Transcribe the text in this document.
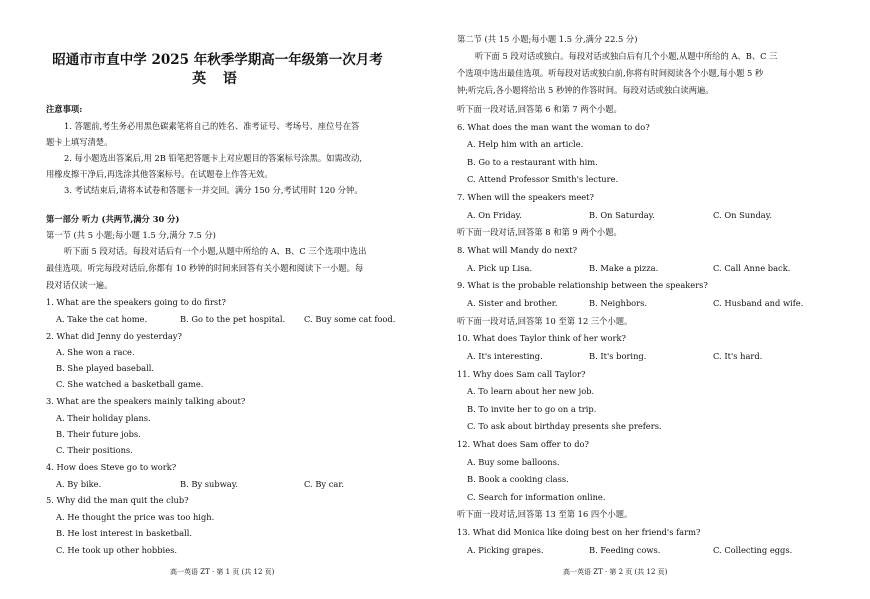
昭通市市直中学 2025 年秋季学期高一年级第一次月考
英 语
注意事项:
1. 答题前,考生务必用黑色碳素笔将自己的姓名、准考证号、考场号、座位号在答
题卡上填写清楚。
2. 每小题选出答案后,用 2B 铅笔把答题卡上对应题目的答案标号涂黑。如需改动,
用橡皮擦干净后,再选涂其他答案标号。在试题卷上作答无效。
3. 考试结束后,请将本试卷和答题卡一并交回。满分 150 分,考试用时 120 分钟。
第一部分 听力 (共两节,满分 30 分)
第一节 (共 5 小题;每小题 1.5 分,满分 7.5 分)
听下面 5 段对话。每段对话后有一个小题,从题中所给的 A、B、C 三个选项中选出
最佳选项。听完每段对话后,你都有 10 秒钟的时间来回答有关小题和阅读下一小题。每
段对话仅读一遍。
1. What are the speakers going to do first?
A. Take the cat home.	B. Go to the pet hospital. C. Buy some cat food.
2. What did Jenny do yesterday?
A. She won a race.
B. She played baseball.
C. She watched a basketball game.
3. What are the speakers mainly talking about?
A. Their holiday plans.
B. Their future jobs.
C. Their positions.
4. How does Steve go to work?
A. By bike.	B. By subway.	C. By car.
5. Why did the man quit the club?
A. He thought the price was too high.
B. He lost interest in basketball.
C. He took up other hobbies.
高一英语 ZT · 第 1 页 (共 12 页)
第二节 (共 15 小题;每小题 1.5 分,满分 22.5 分)
听下面 5 段对话或独白。每段对话或独白后有几个小题,从题中所给的 A、B、C 三
个选项中选出最佳选项。听每段对话或独白前,你将有时间阅读各个小题,每小题 5 秒
钟;听完后,各小题将给出 5 秒钟的作答时间。每段对话或独白读两遍。
听下面一段对话,回答第 6 和第 7 两个小题。
6. What does the man want the woman to do?
A. Help him with an article.
B. Go to a restaurant with him.
C. Attend Professor Smith's lecture.
7. When will the speakers meet?
A. On Friday.	B. On Saturday.	C. On Sunday.
听下面一段对话,回答第 8 和第 9 两个小题。
8. What will Mandy do next?
A. Pick up Lisa.	B. Make a pizza.	C. Call Anne back.
9. What is the probable relationship between the speakers?
A. Sister and brother.	B. Neighbors.	C. Husband and wife.
听下面一段对话,回答第 10 至第 12 三个小题。
10. What does Taylor think of her work?
A. It's interesting.	B. It's boring.	C. It's hard.
11. Why does Sam call Taylor?
A. To learn about her new job.
B. To invite her to go on a trip.
C. To ask about birthday presents she prefers.
12. What does Sam offer to do?
A. Buy some balloons.
B. Book a cooking class.
C. Search for information online.
听下面一段对话,回答第 13 至第 16 四个小题。
13. What did Monica like doing best on her friend's farm?
A. Picking grapes.	B. Feeding cows.	C. Collecting eggs.
高一英语 ZT · 第 2 页 (共 12 页)
